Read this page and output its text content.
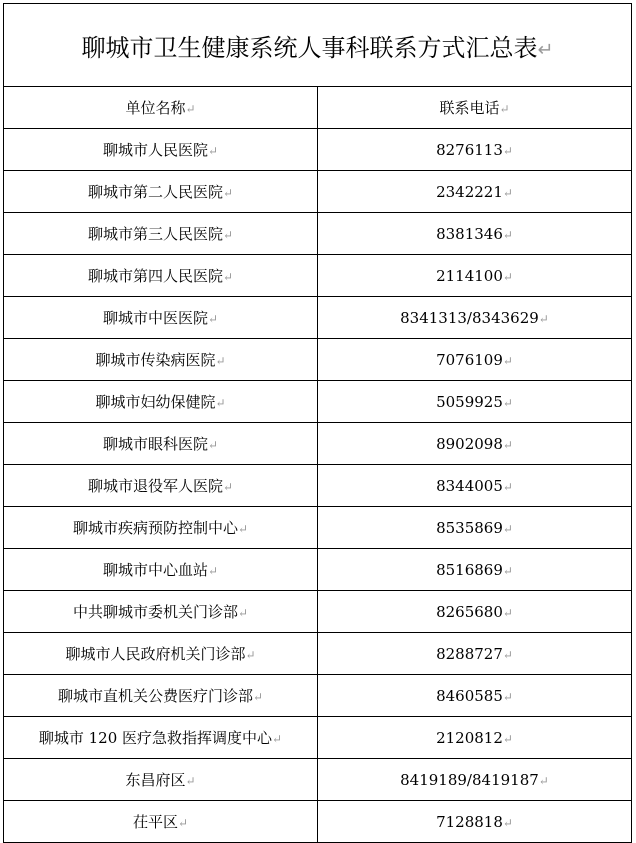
聊城市卫生健康系统人事科联系方式汇总表↵	
单位名称↵	联系电话↵
聊城市人民医院↵	8276113↵
聊城市第二人民医院↵	2342221↵
聊城市第三人民医院↵	8381346↵
聊城市第四人民医院↵	2114100↵
聊城市中医医院↵	8341313/8343629↵
聊城市传染病医院↵	7076109↵
聊城市妇幼保健院↵	5059925↵
聊城市眼科医院↵	8902098↵
聊城市退役军人医院↵	8344005↵
聊城市疾病预防控制中心↵	8535869↵
聊城市中心血站↵	8516869↵
中共聊城市委机关门诊部↵	8265680↵
聊城市人民政府机关门诊部↵	8288727↵
聊城市直机关公费医疗门诊部↵	8460585↵
聊城市 120 医疗急救指挥调度中心↵	2120812↵
东昌府区↵	8419189/8419187↵
茌平区↵	7128818↵
